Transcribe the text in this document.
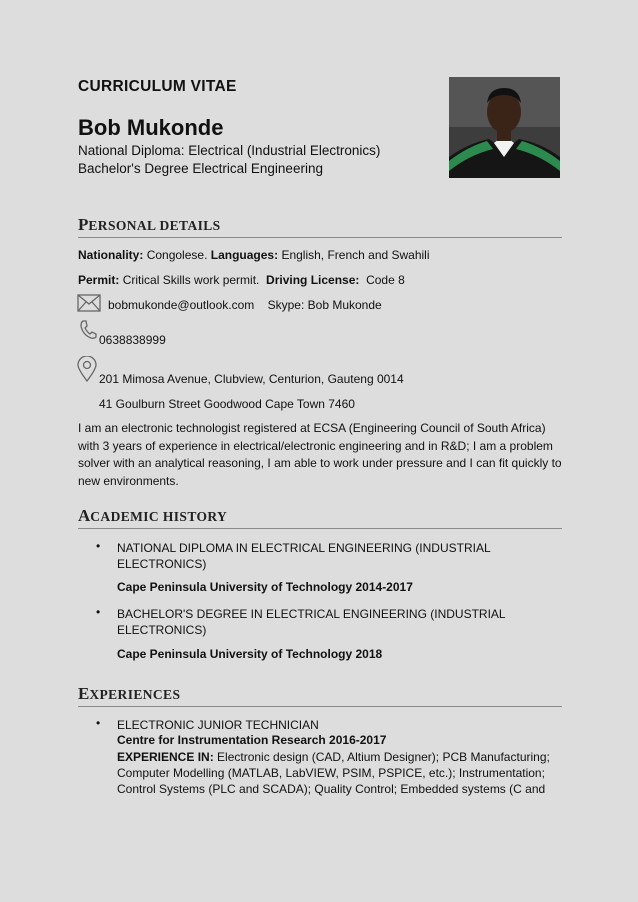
CURRICULUM VITAE
Bob Mukonde
National Diploma: Electrical (Industrial Electronics)
Bachelor's Degree Electrical Engineering
PERSONAL DETAILS
Nationality: Congolese. Languages: English, French and Swahili
Permit: Critical Skills work permit. Driving License: Code 8
bobmukonde@outlook.com Skype: Bob Mukonde
0638838999
201 Mimosa Avenue, Clubview, Centurion, Gauteng 0014
41 Goulburn Street Goodwood Cape Town 7460
I am an electronic technologist registered at ECSA (Engineering Council of South Africa) with 3 years of experience in electrical/electronic engineering and in R&D; I am a problem solver with an analytical reasoning, I am able to work under pressure and I can fit quickly to new environments.
ACADEMIC HISTORY
• NATIONAL DIPLOMA IN ELECTRICAL ENGINEERING (INDUSTRIAL ELECTRONICS)
Cape Peninsula University of Technology 2014-2017
• BACHELOR'S DEGREE IN ELECTRICAL ENGINEERING (INDUSTRIAL ELECTRONICS)
Cape Peninsula University of Technology 2018
EXPERIENCES
• ELECTRONIC JUNIOR TECHNICIAN
Centre for Instrumentation Research 2016-2017
EXPERIENCE IN: Electronic design (CAD, Altium Designer); PCB Manufacturing; Computer Modelling (MATLAB, LabVIEW, PSIM, PSPICE, etc.); Instrumentation; Control Systems (PLC and SCADA); Quality Control; Embedded systems (C and
